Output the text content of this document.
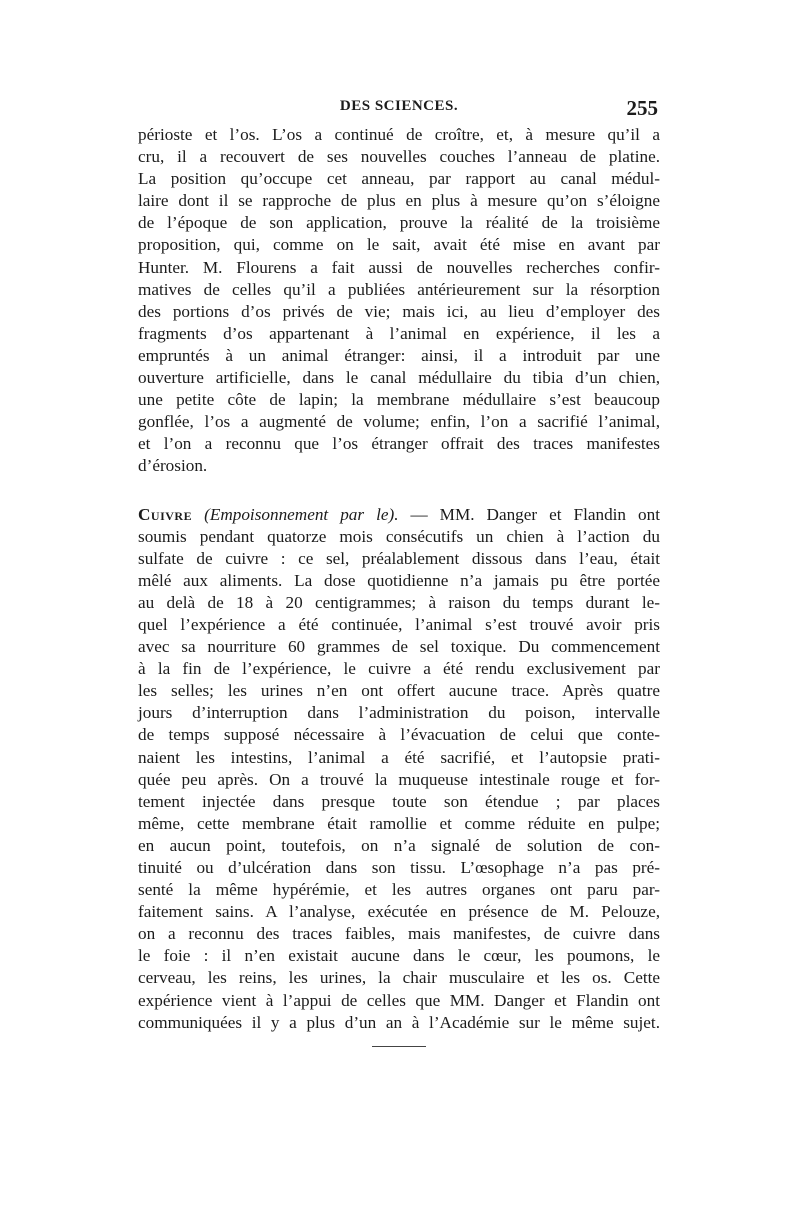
DES SCIENCES.	255

périoste et l’os. L’os a continué de croître, et, à mesure qu’il a
cru, il a recouvert de ses nouvelles couches l’anneau de platine.
La position qu’occupe cet anneau, par rapport au canal médul-
laire dont il se rapproche de plus en plus à mesure qu’on s’éloigne
de l’époque de son application, prouve la réalité de la troisième
proposition, qui, comme on le sait, avait été mise en avant par
Hunter. M. Flourens a fait aussi de nouvelles recherches confir-
matives de celles qu’il a publiées antérieurement sur la résorption
des portions d’os privés de vie; mais ici, au lieu d’employer des
fragments d’os appartenant à l’animal en expérience, il les a
empruntés à un animal étranger: ainsi, il a introduit par une
ouverture artificielle, dans le canal médullaire du tibia d’un chien,
une petite côte de lapin; la membrane médullaire s’est beaucoup
gonflée, l’os a augmenté de volume; enfin, l’on a sacrifié l’animal,
et l’on a reconnu que l’os étranger offrait des traces manifestes
d’érosion.

Cuivre (Empoisonnement par le). — MM. Danger et Flandin ont
soumis pendant quatorze mois consécutifs un chien à l’action du
sulfate de cuivre : ce sel, préalablement dissous dans l’eau, était
mêlé aux aliments. La dose quotidienne n’a jamais pu être portée
au delà de 18 à 20 centigrammes; à raison du temps durant le-
quel l’expérience a été continuée, l’animal s’est trouvé avoir pris
avec sa nourriture 60 grammes de sel toxique. Du commencement
à la fin de l’expérience, le cuivre a été rendu exclusivement par
les selles; les urines n’en ont offert aucune trace. Après quatre
jours d’interruption dans l’administration du poison, intervalle
de temps supposé nécessaire à l’évacuation de celui que conte-
naient les intestins, l’animal a été sacrifié, et l’autopsie prati-
quée peu après. On a trouvé la muqueuse intestinale rouge et for-
tement injectée dans presque toute son étendue ; par places
même, cette membrane était ramollie et comme réduite en pulpe;
en aucun point, toutefois, on n’a signalé de solution de con-
tinuité ou d’ulcération dans son tissu. L’œsophage n’a pas pré-
senté la même hypérémie, et les autres organes ont paru par-
faitement sains. A l’analyse, exécutée en présence de M. Pelouze,
on a reconnu des traces faibles, mais manifestes, de cuivre dans
le foie : il n’en existait aucune dans le cœur, les poumons, le
cerveau, les reins, les urines, la chair musculaire et les os. Cette
expérience vient à l’appui de celles que MM. Danger et Flandin ont
communiquées il y a plus d’un an à l’Académie sur le même sujet.
